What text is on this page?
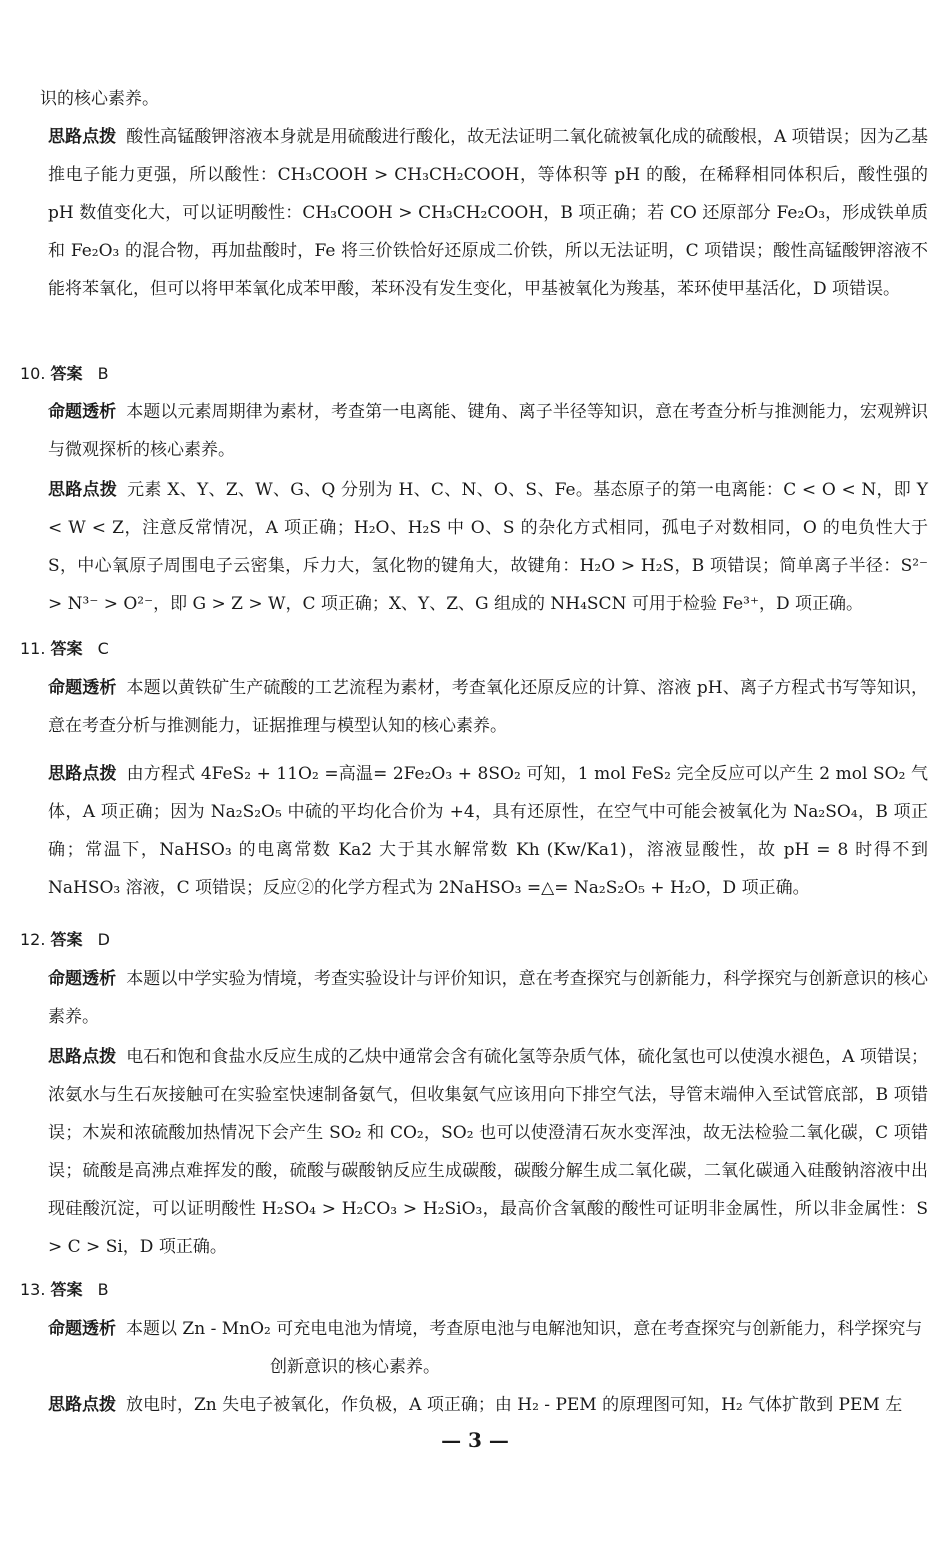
识的核心素养。

思路点拨 酸性高锰酸钾溶液本身就是用硫酸进行酸化，故无法证明二氧化硫被氧化成的硫酸根，A 项错误；因为乙基推电子能力更强，所以酸性：CH₃COOH > CH₃CH₂COOH，等体积等 pH 的酸，在稀释相同体积后，酸性强的 pH 数值变化大，可以证明酸性：CH₃COOH > CH₃CH₂COOH，B 项正确；若 CO 还原部分 Fe₂O₃，形成铁单质和 Fe₂O₃ 的混合物，再加盐酸时，Fe 将三价铁恰好还原成二价铁，所以无法证明，C 项错误；酸性高锰酸钾溶液不能将苯氧化，但可以将甲苯氧化成苯甲酸，苯环没有发生变化，甲基被氧化为羧基，苯环使甲基活化，D 项错误。

10. 答案 B

命题透析 本题以元素周期律为素材，考查第一电离能、键角、离子半径等知识，意在考查分析与推测能力，宏观辨识与微观探析的核心素养。

思路点拨 元素 X、Y、Z、W、G、Q 分别为 H、C、N、O、S、Fe。基态原子的第一电离能：C < O < N，即 Y < W < Z，注意反常情况，A 项正确；H₂O、H₂S 中 O、S 的杂化方式相同，孤电子对数相同，O 的电负性大于 S，中心氧原子周围电子云密集，斥力大，氢化物的键角大，故键角：H₂O > H₂S，B 项错误；简单离子半径：S²⁻ > N³⁻ > O²⁻，即 G > Z > W，C 项正确；X、Y、Z、G 组成的 NH₄SCN 可用于检验 Fe³⁺，D 项正确。

11. 答案 C

命题透析 本题以黄铁矿生产硫酸的工艺流程为素材，考查氧化还原反应的计算、溶液 pH、离子方程式书写等知识，意在考查分析与推测能力，证据推理与模型认知的核心素养。

思路点拨 由方程式 4FeS₂ + 11O₂ =高温= 2Fe₂O₃ + 8SO₂ 可知，1 mol FeS₂ 完全反应可以产生 2 mol SO₂ 气体，A 项正确；因为 Na₂S₂O₅ 中硫的平均化合价为 +4，具有还原性，在空气中可能会被氧化为 Na₂SO₄，B 项正确；常温下，NaHSO₃ 的电离常数 Ka2 大于其水解常数 Kh (Kw/Ka1)，溶液显酸性，故 pH = 8 时得不到 NaHSO₃ 溶液，C 项错误；反应②的化学方程式为 2NaHSO₃ =△= Na₂S₂O₅ + H₂O，D 项正确。

12. 答案 D

命题透析 本题以中学实验为情境，考查实验设计与评价知识，意在考查探究与创新能力，科学探究与创新意识的核心素养。

思路点拨 电石和饱和食盐水反应生成的乙炔中通常会含有硫化氢等杂质气体，硫化氢也可以使溴水褪色，A 项错误；浓氨水与生石灰接触可在实验室快速制备氨气，但收集氨气应该用向下排空气法，导管末端伸入至试管底部，B 项错误；木炭和浓硫酸加热情况下会产生 SO₂ 和 CO₂，SO₂ 也可以使澄清石灰水变浑浊，故无法检验二氧化碳，C 项错误；硫酸是高沸点难挥发的酸，硫酸与碳酸钠反应生成碳酸，碳酸分解生成二氧化碳，二氧化碳通入硅酸钠溶液中出现硅酸沉淀，可以证明酸性 H₂SO₄ > H₂CO₃ > H₂SiO₃，最高价含氧酸的酸性可证明非金属性，所以非金属性：S > C > Si，D 项正确。

13. 答案 B

命题透析 本题以 Zn - MnO₂ 可充电电池为情境，考查原电池与电解池知识，意在考查探究与创新能力，科学探究与

创新意识的核心素养。

思路点拨 放电时，Zn 失电子被氧化，作负极，A 项正确；由 H₂ - PEM 的原理图可知，H₂ 气体扩散到 PEM 左

— 3 —
